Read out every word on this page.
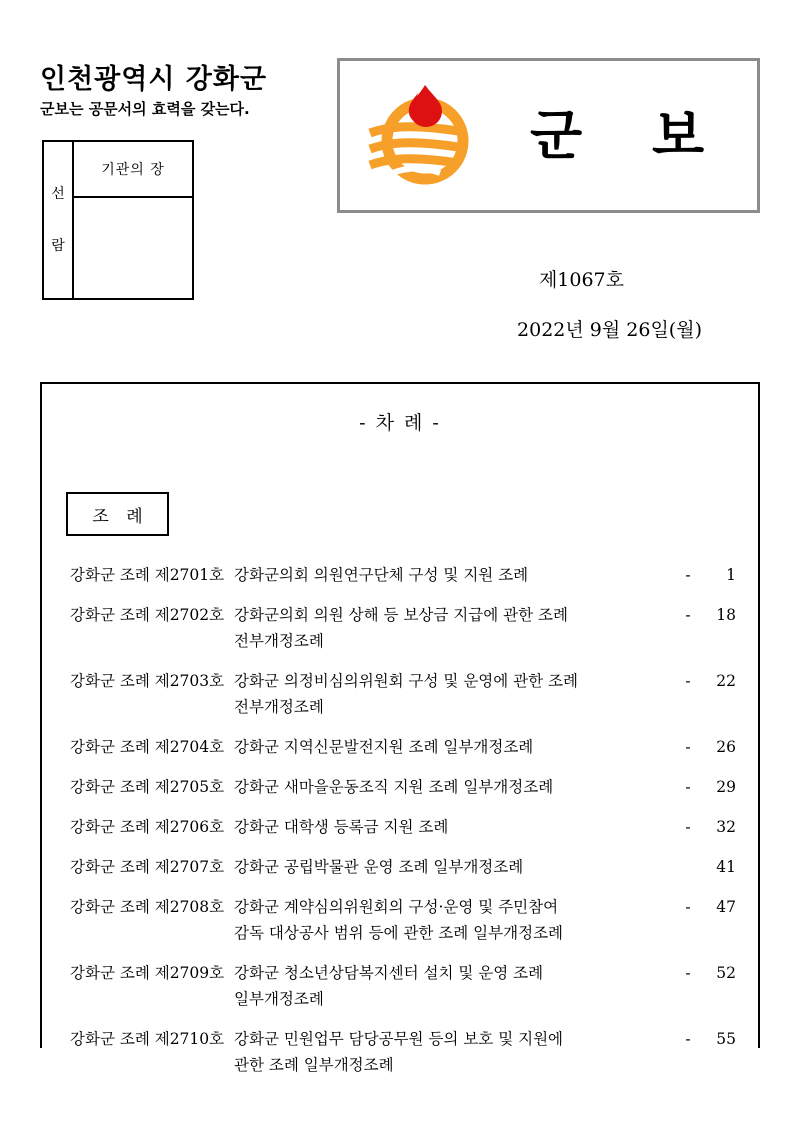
인천광역시 강화군
군보는 공문서의 효력을 갖는다.
선
람
기관의 장
군 보
제1067호
2022년 9월 26일(월)
- 차 례 -
조 례
강화군 조례 제2701호 강화군의회 의원연구단체 구성 및 지원 조례	-	1
강화군 조례 제2702호 강화군의회 의원 상해 등 보상금 지급에 관한 조례	-	18
전부개정조례
강화군 조례 제2703호 강화군 의정비심의위원회 구성 및 운영에 관한 조례	-	22
전부개정조례
강화군 조례 제2704호 강화군 지역신문발전지원 조례 일부개정조례	-	26
강화군 조례 제2705호 강화군 새마을운동조직 지원 조례 일부개정조례	-	29
강화군 조례 제2706호 강화군 대학생 등록금 지원 조례	-	32
강화군 조례 제2707호 강화군 공립박물관 운영 조례 일부개정조례	41
강화군 조례 제2708호 강화군 계약심의위원회의 구성·운영 및 주민참여	-	47
감독 대상공사 범위 등에 관한 조례 일부개정조례
강화군 조례 제2709호 강화군 청소년상담복지센터 설치 및 운영 조례	-	52
일부개정조례
강화군 조례 제2710호 강화군 민원업무 담당공무원 등의 보호 및 지원에	-	55
관한 조례 일부개정조례
